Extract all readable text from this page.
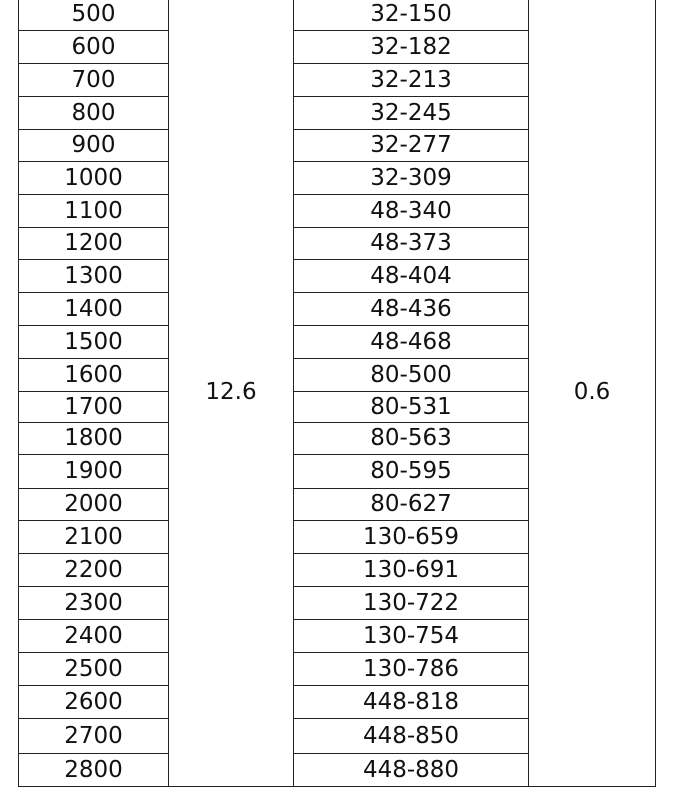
500	12.6	32-150	0.6
600		32-182	
700		32-213	
800		32-245	
900		32-277	
1000		32-309	
1100		48-340	
1200		48-373	
1300		48-404	
1400		48-436	
1500		48-468	
1600		80-500	
1700		80-531	
1800		80-563	
1900		80-595	
2000		80-627	
2100		130-659	
2200		130-691	
2300		130-722	
2400		130-754	
2500		130-786	
2600		448-818	
2700		448-850	
2800		448-880	
